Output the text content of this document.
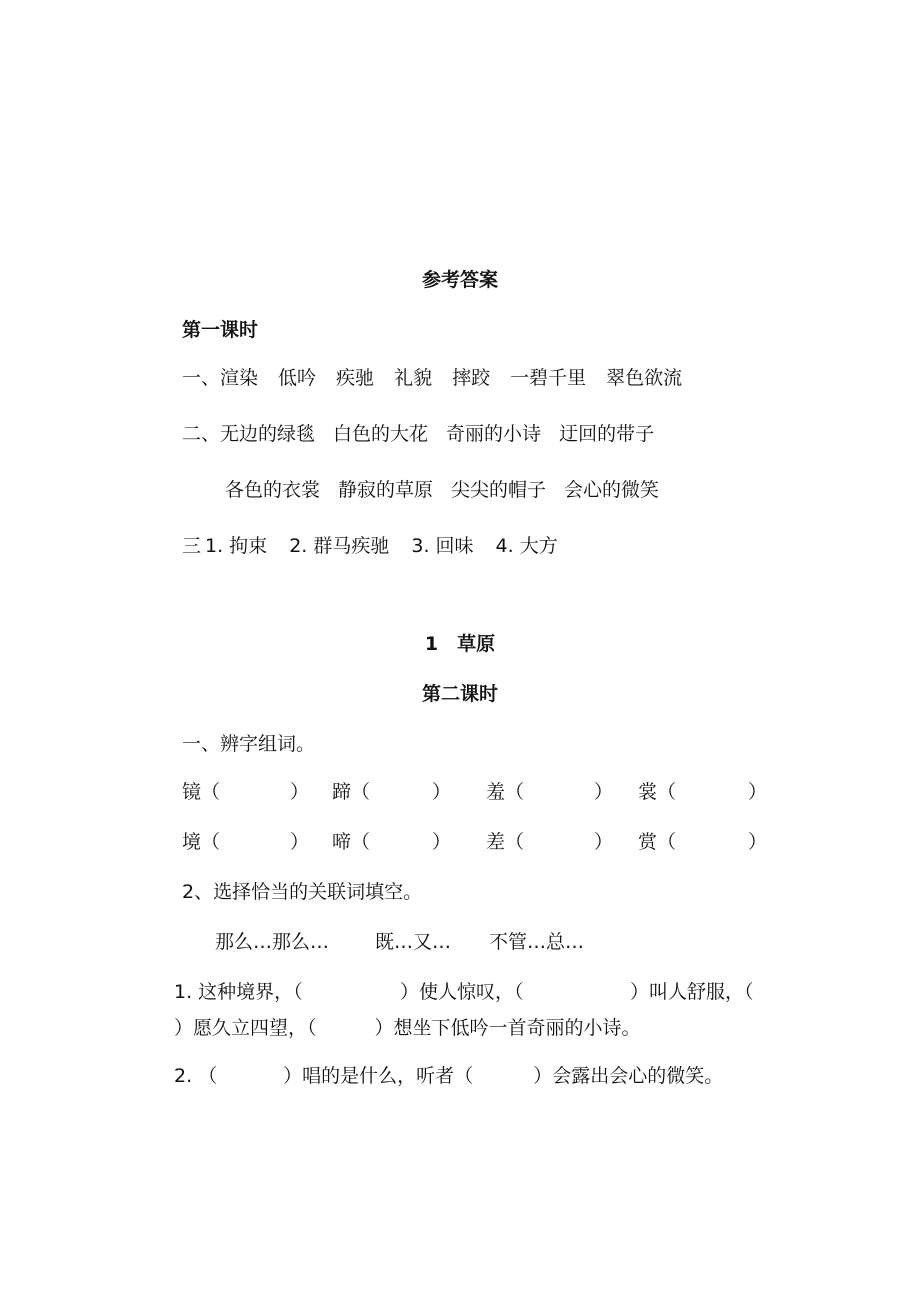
参考答案
第一课时
一、渲染 低吟 疾驰 礼貌 摔跤 一碧千里 翠色欲流
二、无边的绿毯 白色的大花 奇丽的小诗 迂回的带子
各色的衣裳 静寂的草原 尖尖的帽子 会心的微笑
三 1. 拘束 2. 群马疾驰 3. 回味 4. 大方
1　草原
第二课时
一、辨字组词。
镜（	） 蹄（	） 羞（	） 裳（	）
境（	） 啼（	） 差（	） 赏（	）
2、选择恰当的关联词填空。
那么…那么… 既…又… 不管…总…
1. 这种境界，（	）使人惊叹，（	）叫人舒服，（
）愿久立四望，（	）想坐下低吟一首奇丽的小诗。
2. （	）唱的是什么，听者（	）会露出会心的微笑。
